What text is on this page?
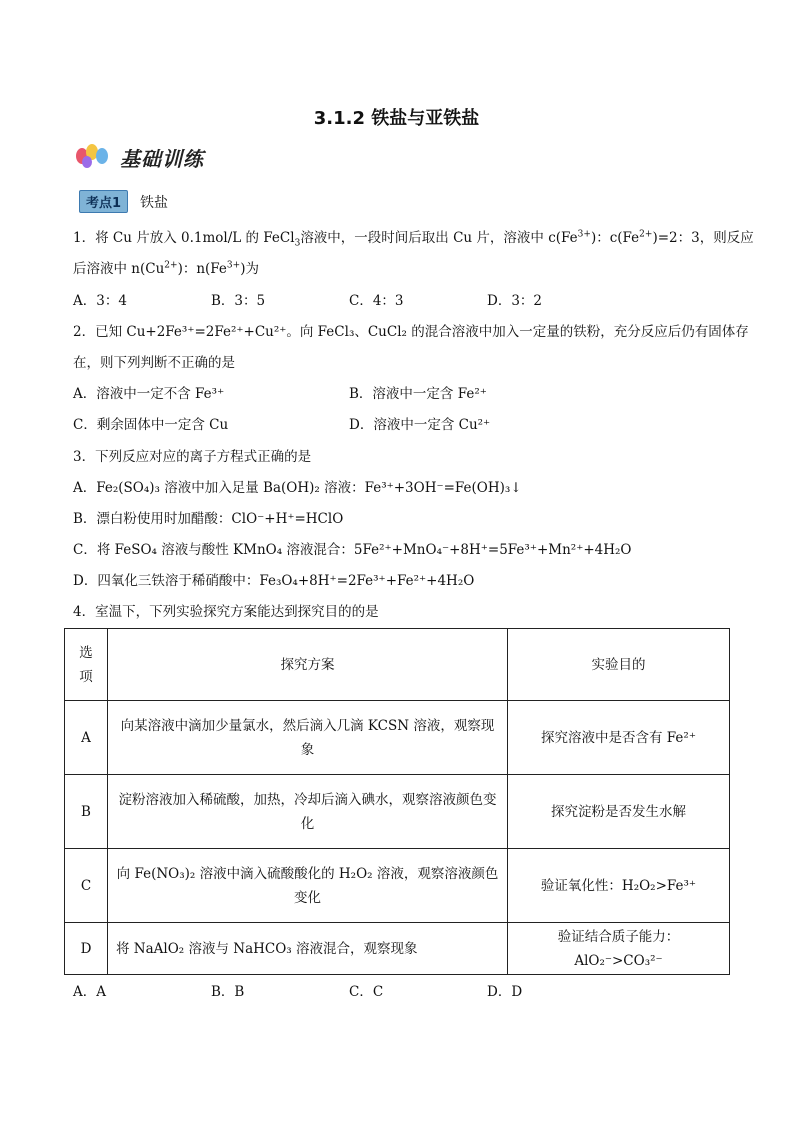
3.1.2 铁盐与亚铁盐
基础训练
考点1	铁盐
1．将 Cu 片放入 0.1mol/L 的 FeCl$_3$溶液中，一段时间后取出 Cu 片，溶液中 $c(Fe^{3+})$：$c(Fe^{2+})=2$：3，则反应
后溶液中 $n(Cu^{2+})$：$n(Fe^{3+})$为
A．3：4	B．3：5	C．4：3	D．3：2
2．已知 Cu+2Fe³⁺=2Fe²⁺+Cu²⁺。向 FeCl₃、CuCl₂ 的混合溶液中加入一定量的铁粉，充分反应后仍有固体存
在，则下列判断不正确的是
A．溶液中一定不含 Fe³⁺	B．溶液中一定含 Fe²⁺
C．剩余固体中一定含 Cu	D．溶液中一定含 Cu²⁺
3．下列反应对应的离子方程式正确的是
A．Fe₂(SO₄)₃ 溶液中加入足量 Ba(OH)₂ 溶液：Fe³⁺+3OH⁻=Fe(OH)₃↓
B．漂白粉使用时加醋酸：ClO⁻+H⁺=HClO
C．将 FeSO₄ 溶液与酸性 KMnO₄ 溶液混合：5Fe²⁺+MnO₄⁻+8H⁺=5Fe³⁺+Mn²⁺+4H₂O
D．四氧化三铁溶于稀硝酸中：Fe₃O₄+8H⁺=2Fe³⁺+Fe²⁺+4H₂O
4．室温下，下列实验探究方案能达到探究目的的是
选项	探究方案	实验目的
A	向某溶液中滴加少量氯水，然后滴入几滴 KCSN 溶液，观察现象	探究溶液中是否含有 Fe²⁺
B	淀粉溶液加入稀硫酸，加热，冷却后滴入碘水，观察溶液颜色变化	探究淀粉是否发生水解
C	向 Fe(NO₃)₂ 溶液中滴入硫酸酸化的 H₂O₂ 溶液，观察溶液颜色变化	验证氧化性：H₂O₂>Fe³⁺
D	将 NaAlO₂ 溶液与 NaHCO₃ 溶液混合，观察现象	验证结合质子能力：AlO₂⁻>CO₃²⁻
A．A	B．B	C．C	D．D
